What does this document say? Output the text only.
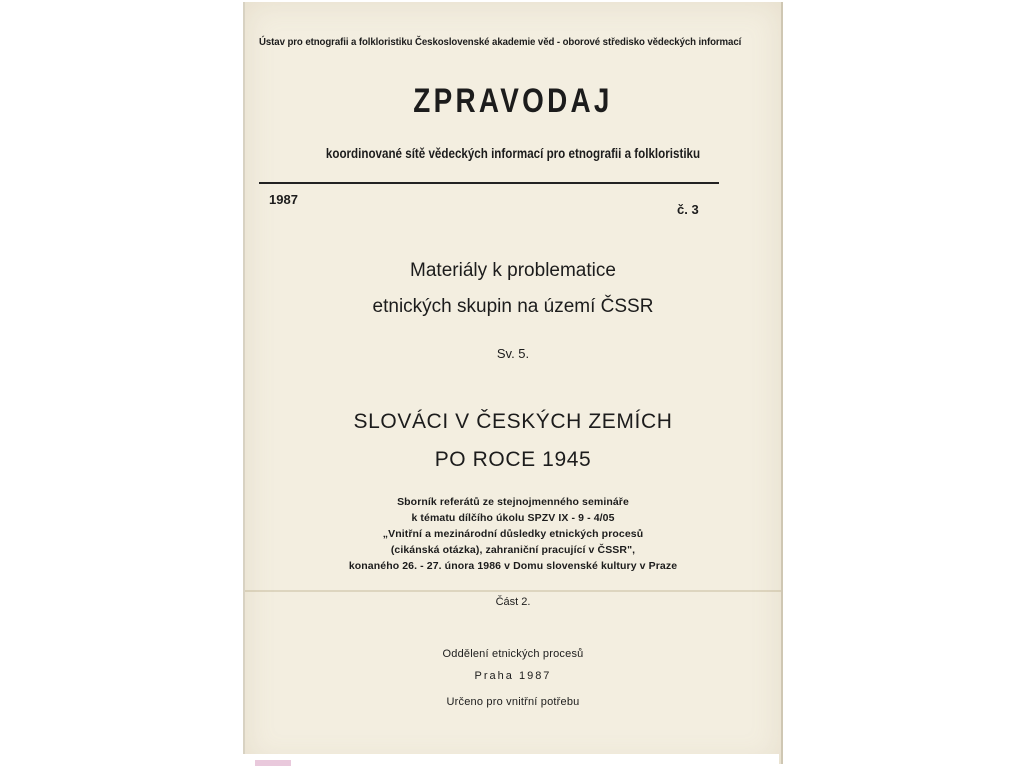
Ústav pro etnografii a folkloristiku Československé akademie věd - oborové středisko vědeckých informací
ZPRAVODAJ
koordinované sítě vědeckých informací pro etnografii a folkloristiku
1987
č. 3
Materiály k problematice
etnických skupin na území ČSSR
Sv. 5.
SLOVÁCI V ČESKÝCH ZEMÍCH
PO ROCE 1945
Sborník referátů ze stejnojmenného semináře
k tématu dílčího úkolu SPZV IX - 9 - 4/05
„Vnitřní a mezinárodní důsledky etnických procesů
(cikánská otázka), zahraniční pracující v ČSSR",
konaného 26. - 27. února 1986 v Domu slovenské kultury v Praze
Část 2.
Oddělení etnických procesů
Praha 1987
Určeno pro vnitřní potřebu
